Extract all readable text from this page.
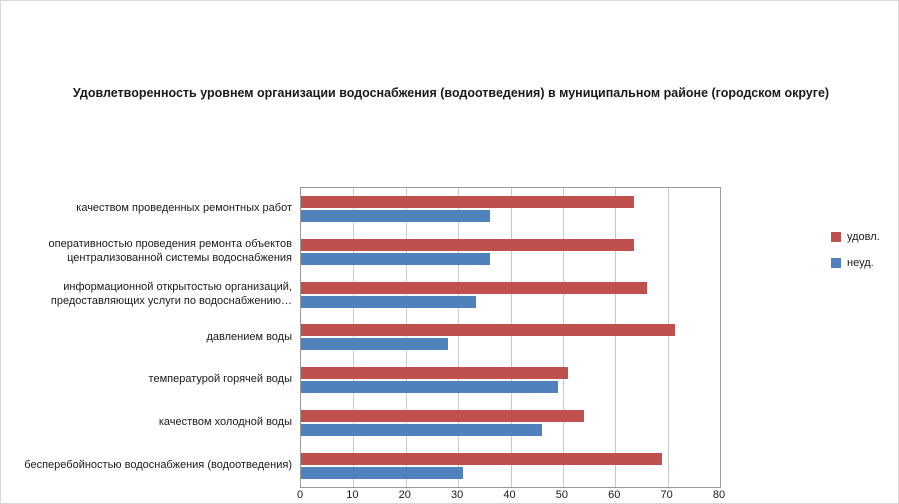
Удовлетворенность уровнем организации водоснабжения (водоотведения) в муниципальном районе (городском округе)
бесперебойностью водоснабжения (водоотведения)
качеством холодной воды
температурой горячей воды
давлением воды
информационной открытостью организаций, предоставляющих услуги по водоснабжению…
оперативностью проведения ремонта объектов централизованной системы водоснабжения
качеством проведенных ремонтных работ
0	10	20	30	40	50	60	70	80
удовл.
неуд.
